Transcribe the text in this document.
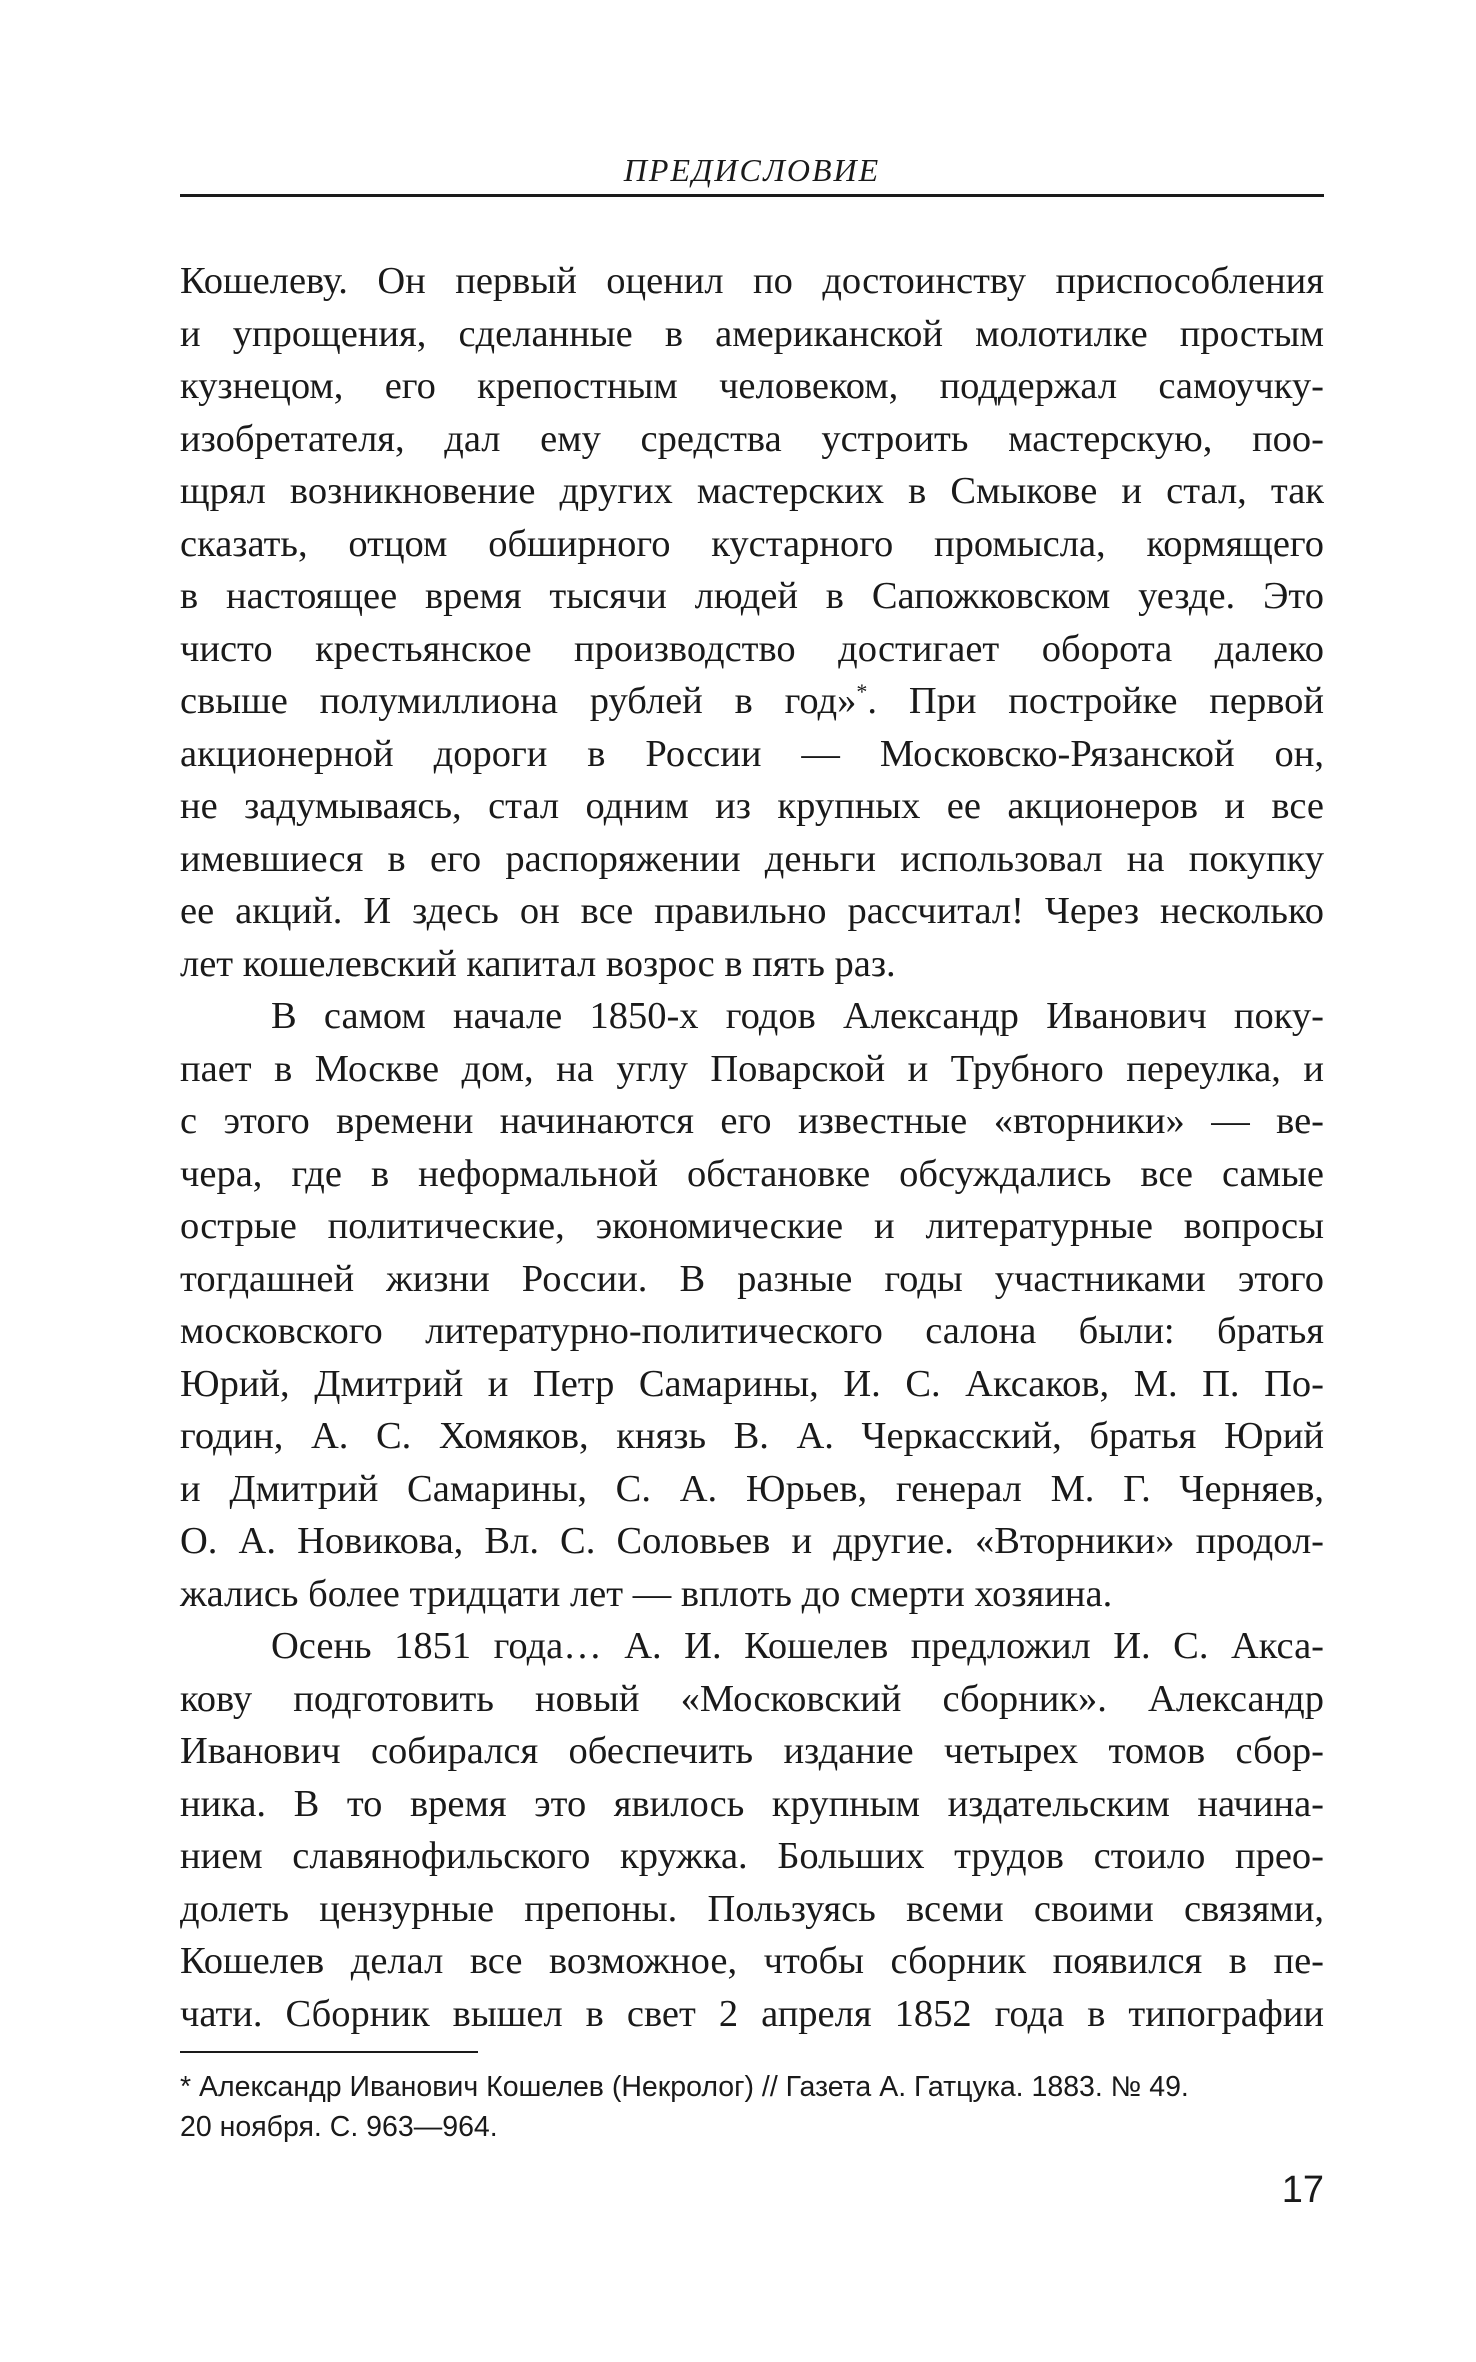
ПРЕДИСЛОВИЕ

Кошелеву. Он первый оценил по достоинству приспособления

и упрощения, сделанные в американской молотилке простым

кузнецом, его крепостным человеком, поддержал самоучку-

изобретателя, дал ему средства устроить мастерскую, поо-

щрял возникновение других мастерских в Смыкове и стал, так

сказать, отцом обширного кустарного промысла, кормящего

в настоящее время тысячи людей в Сапожковском уезде. Это

чисто крестьянское производство достигает оборота далеко

свыше полумиллиона рублей в год»*. При постройке первой

акционерной дороги в России — Московско-Рязанской он,

не задумываясь, стал одним из крупных ее акционеров и все

имевшиеся в его распоряжении деньги использовал на покупку

ее акций. И здесь он все правильно рассчитал! Через несколько

лет кошелевский капитал возрос в пять раз.

В самом начале 1850-х годов Александр Иванович поку-

пает в Москве дом, на углу Поварской и Трубного переулка, и

с этого времени начинаются его известные «вторники» — ве-

чера, где в неформальной обстановке обсуждались все самые

острые политические, экономические и литературные вопросы

тогдашней жизни России. В разные годы участниками этого

московского литературно-политического салона были: братья

Юрий, Дмитрий и Петр Самарины, И. С. Аксаков, М. П. По-

годин, А. С. Хомяков, князь В. А. Черкасский, братья Юрий

и Дмитрий Самарины, С. А. Юрьев, генерал М. Г. Черняев,

О. А. Новикова, Вл. С. Соловьев и другие. «Вторники» продол-

жались более тридцати лет — вплоть до смерти хозяина.

Осень 1851 года… А. И. Кошелев предложил И. С. Акса-

кову подготовить новый «Московский сборник». Александр

Иванович собирался обеспечить издание четырех томов сбор-

ника. В то время это явилось крупным издательским начина-

нием славянофильского кружка. Больших трудов стоило прео-

долеть цензурные препоны. Пользуясь всеми своими связями,

Кошелев делал все возможное, чтобы сборник появился в пе-

чати. Сборник вышел в свет 2 апреля 1852 года в типографии

* Александр Иванович Кошелев (Некролог) // Газета А. Гатцука. 1883. № 49.

20 ноября. С. 963—964.

17
